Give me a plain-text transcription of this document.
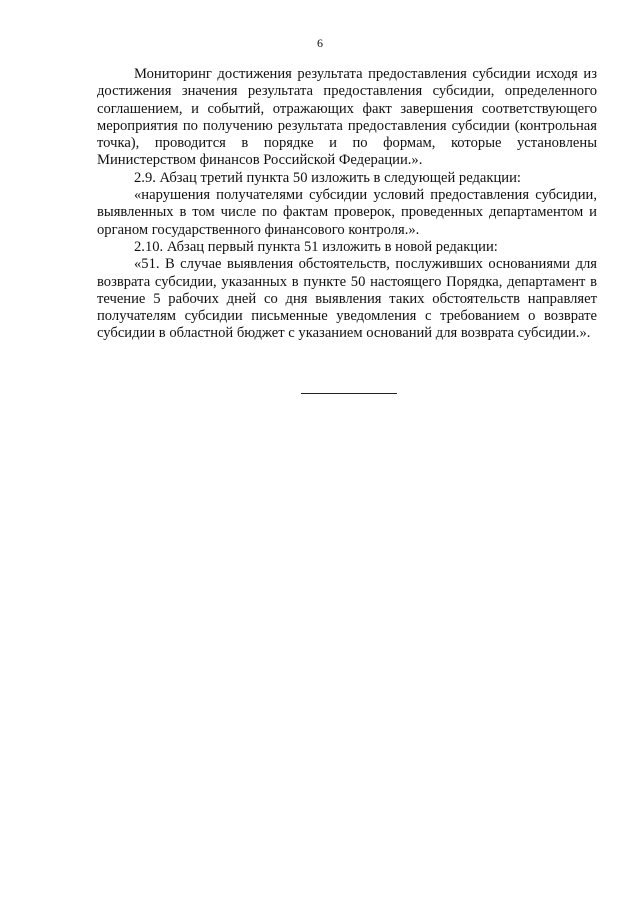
6

Мониторинг достижения результата предоставления субсидии исходя из достижения значения результата предоставления субсидии, определенного соглашением, и событий, отражающих факт завершения соответствующего мероприятия по получению результата предоставления субсидии (контрольная точка), проводится в порядке и по формам, которые установлены Министерством финансов Российской Федерации.».

2.9. Абзац третий пункта 50 изложить в следующей редакции:

«нарушения получателями субсидии условий предоставления субсидии, выявленных в том числе по фактам проверок, проведенных департаментом и органом государственного финансового контроля.».

2.10. Абзац первый пункта 51 изложить в новой редакции:

«51. В случае выявления обстоятельств, послуживших основаниями для возврата субсидии, указанных в пункте 50 настоящего Порядка, департамент в течение 5 рабочих дней со дня выявления таких обстоятельств направляет получателям субсидии письменные уведомления с требованием о возврате субсидии в областной бюджет с указанием оснований для возврата субсидии.».
